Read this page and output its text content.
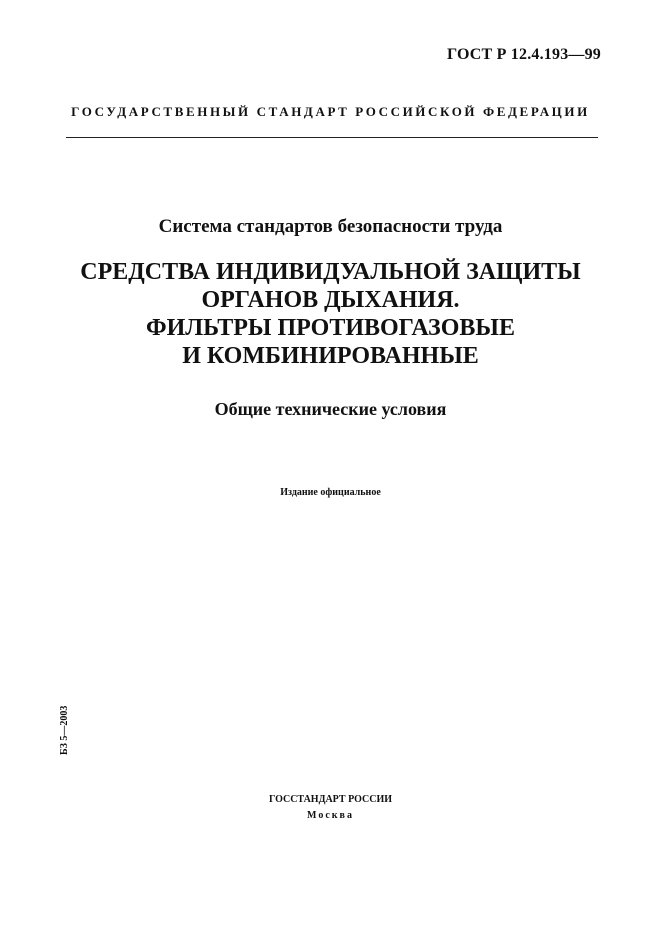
ГОСТ Р 12.4.193—99
ГОСУДАРСТВЕННЫЙ СТАНДАРТ РОССИЙСКОЙ ФЕДЕРАЦИИ
Система стандартов безопасности труда
СРЕДСТВА ИНДИВИДУАЛЬНОЙ ЗАЩИТЫ
ОРГАНОВ ДЫХАНИЯ.
ФИЛЬТРЫ ПРОТИВОГАЗОВЫЕ
И КОМБИНИРОВАННЫЕ
Общие технические условия
Издание официальное
БЗ 5—2003
ГОССТАНДАРТ РОССИИ
Москва
